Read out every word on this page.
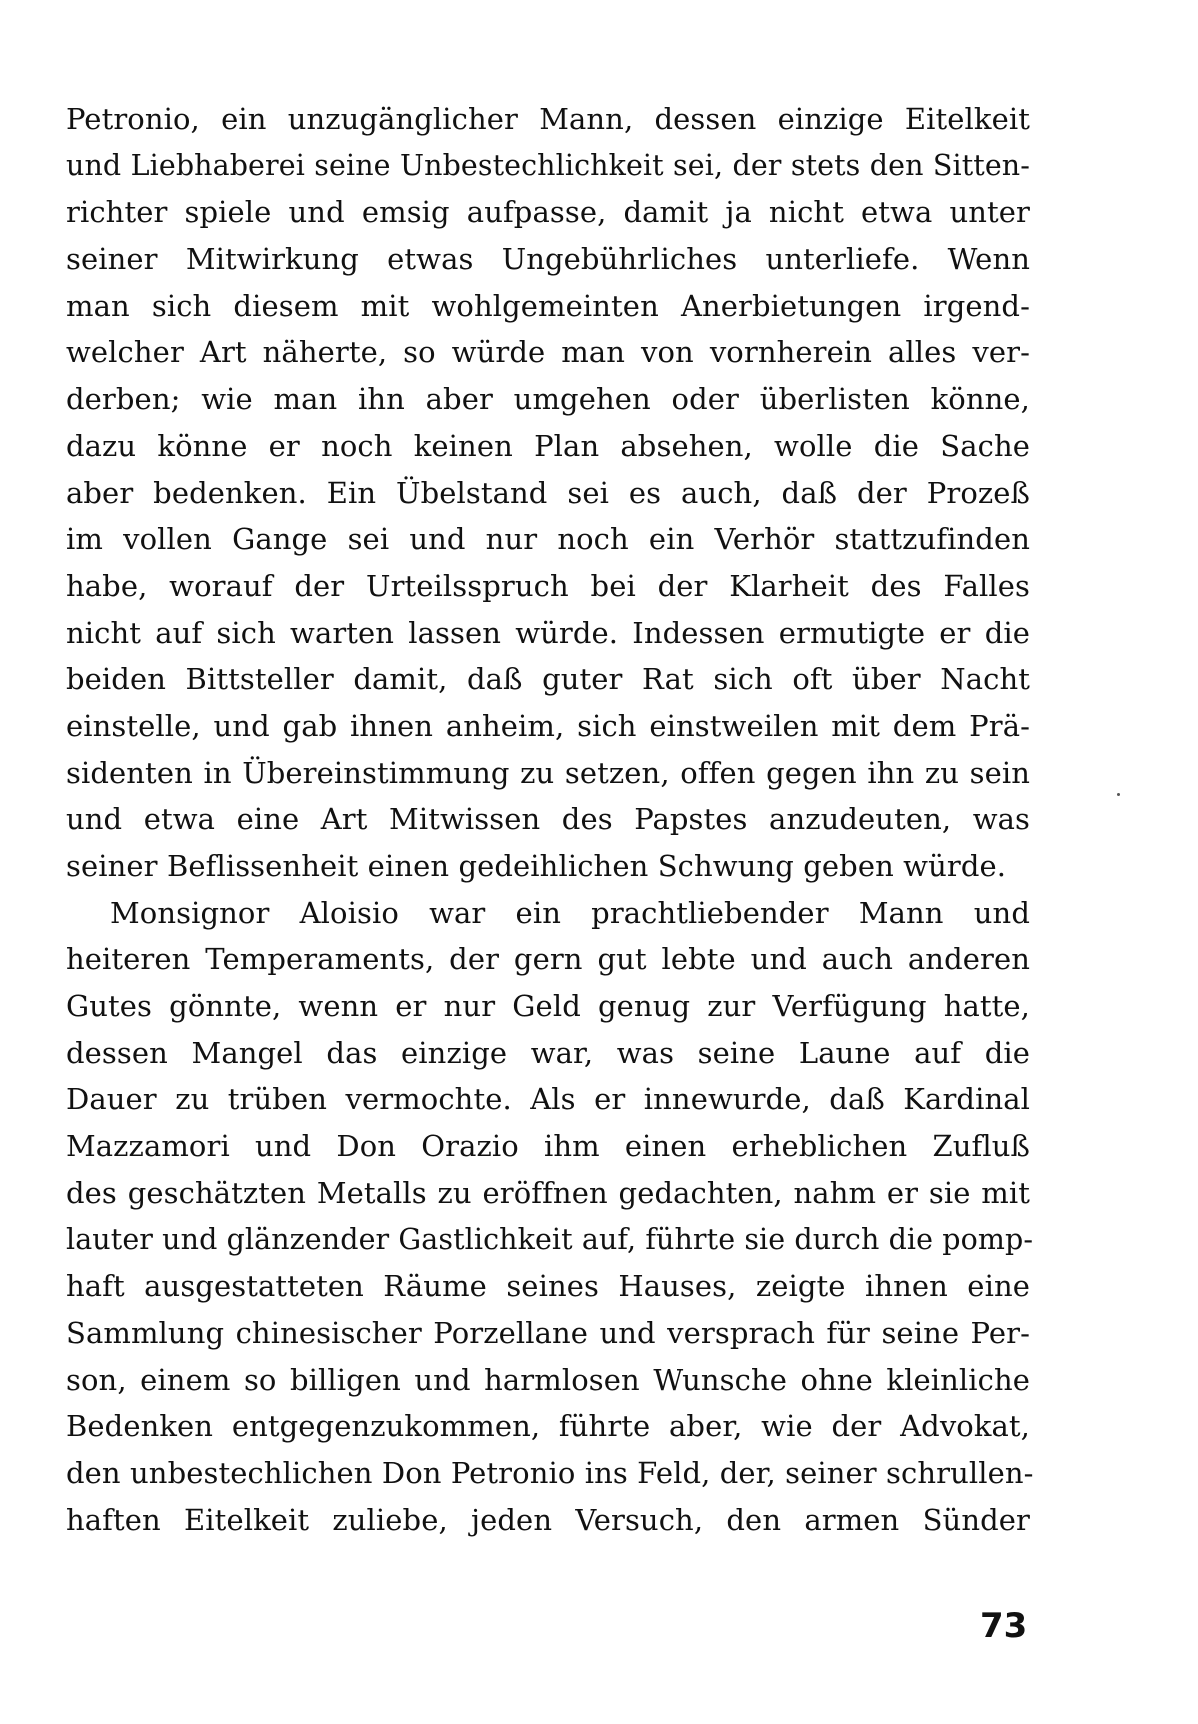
Petronio, ein unzugänglicher Mann, dessen einzige Eitelkeit
und Liebhaberei seine Unbestechlichkeit sei, der stets den Sitten-
richter spiele und emsig aufpasse, damit ja nicht etwa unter
seiner Mitwirkung etwas Ungebührliches unterliefe. Wenn
man sich diesem mit wohlgemeinten Anerbietungen irgend-
welcher Art näherte, so würde man von vornherein alles ver-
derben; wie man ihn aber umgehen oder überlisten könne,
dazu könne er noch keinen Plan absehen, wolle die Sache
aber bedenken. Ein Übelstand sei es auch, daß der Prozeß
im vollen Gange sei und nur noch ein Verhör stattzufinden
habe, worauf der Urteilsspruch bei der Klarheit des Falles
nicht auf sich warten lassen würde. Indessen ermutigte er die
beiden Bittsteller damit, daß guter Rat sich oft über Nacht
einstelle, und gab ihnen anheim, sich einstweilen mit dem Prä-
sidenten in Übereinstimmung zu setzen, offen gegen ihn zu sein
und etwa eine Art Mitwissen des Papstes anzudeuten, was
seiner Beflissenheit einen gedeihlichen Schwung geben würde.
Monsignor Aloisio war ein prachtliebender Mann und
heiteren Temperaments, der gern gut lebte und auch anderen
Gutes gönnte, wenn er nur Geld genug zur Verfügung hatte,
dessen Mangel das einzige war, was seine Laune auf die
Dauer zu trüben vermochte. Als er innewurde, daß Kardinal
Mazzamori und Don Orazio ihm einen erheblichen Zufluß
des geschätzten Metalls zu eröffnen gedachten, nahm er sie mit
lauter und glänzender Gastlichkeit auf, führte sie durch die pomp-
haft ausgestatteten Räume seines Hauses, zeigte ihnen eine
Sammlung chinesischer Porzellane und versprach für seine Per-
son, einem so billigen und harmlosen Wunsche ohne kleinliche
Bedenken entgegenzukommen, führte aber, wie der Advokat,
den unbestechlichen Don Petronio ins Feld, der, seiner schrullen-
haften Eitelkeit zuliebe, jeden Versuch, den armen Sünder
73
